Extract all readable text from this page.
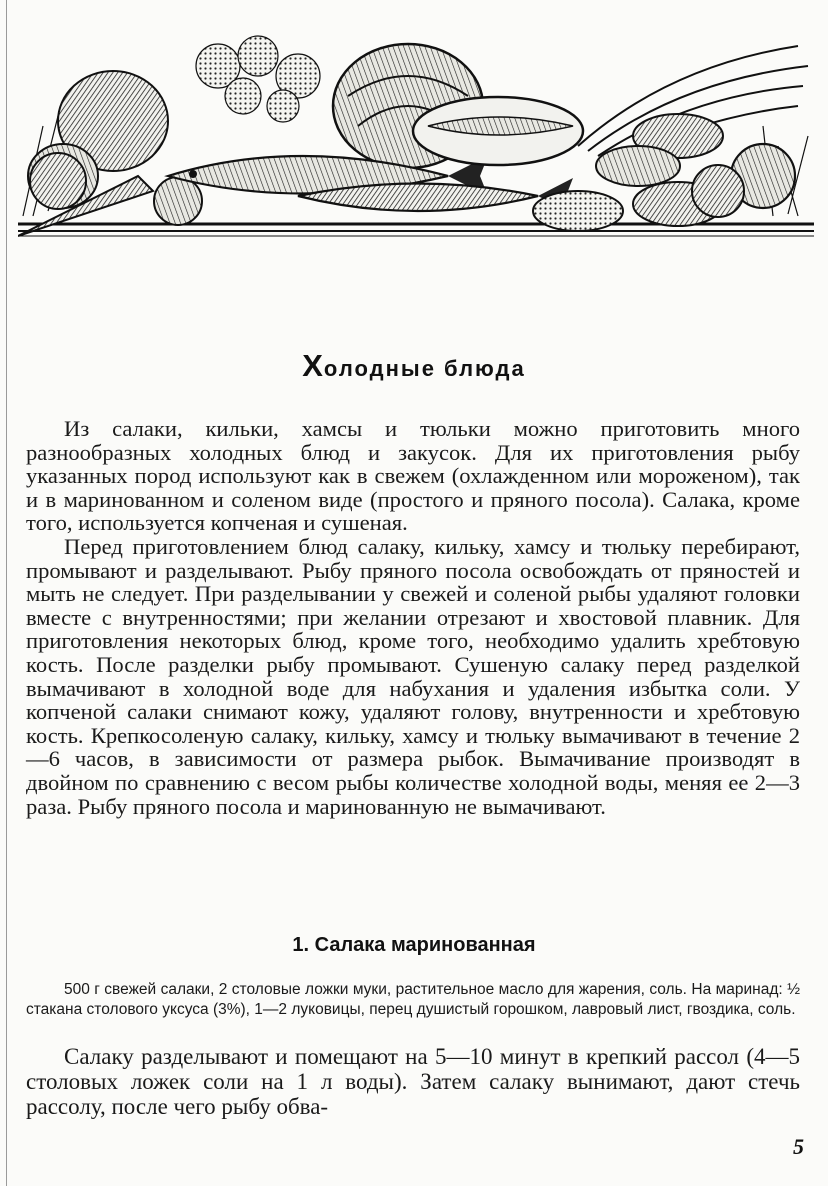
Холодные блюда

Из салаки, кильки, хамсы и тюльки можно приготовить много разнообразных холодных блюд и закусок. Для их приготовления рыбу указанных пород используют как в свежем (охлажденном или мороженом), так и в маринованном и соленом виде (простого и пряного посола). Салака, кроме того, используется копченая и сушеная.

Перед приготовлением блюд салаку, кильку, хамсу и тюльку перебирают, промывают и разделывают. Рыбу пряного посола освобождать от пряностей и мыть не следует. При разделывании у свежей и соленой рыбы удаляют головки вместе с внутренностями; при желании отрезают и хвостовой плавник. Для приготовления некоторых блюд, кроме того, необходимо удалить хребтовую кость. После разделки рыбу промывают. Сушеную салаку перед разделкой вымачивают в холодной воде для набухания и удаления избытка соли. У копченой салаки снимают кожу, удаляют голову, внутренности и хребтовую кость. Крепкосоленую салаку, кильку, хамсу и тюльку вымачивают в течение 2—6 часов, в зависимости от размера рыбок. Вымачивание производят в двойном по сравнению с весом рыбы количестве холодной воды, меняя ее 2—3 раза. Рыбу пряного посола и маринованную не вымачивают.

1. Салака маринованная
500 г свежей салаки, 2 столовые ложки муки, растительное масло для жарения, соль. На маринад: ½ стакана столового уксуса (3%), 1—2 луковицы, перец душистый горошком, лавровый лист, гвоздика, соль.

Салаку разделывают и помещают на 5—10 минут в крепкий рассол (4—5 столовых ложек соли на 1 л воды). Затем салаку вынимают, дают стечь рассолу, после чего рыбу обва-

5
